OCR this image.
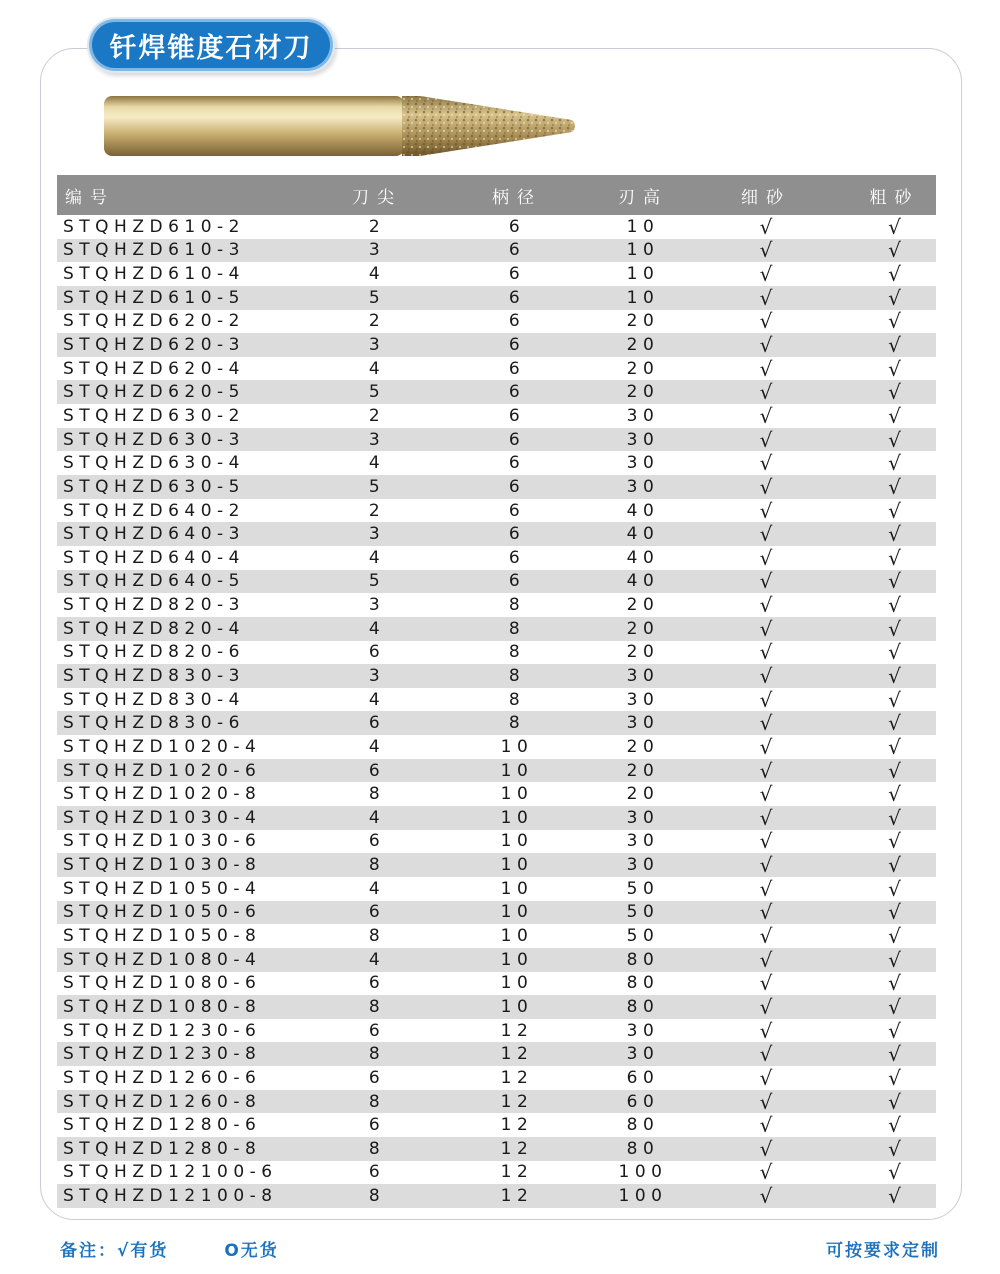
钎焊锥度石材刀
编号	刀尖	柄径	刃高	细砂	粗砂
STQHZD610-2	2	6	10	√	√
STQHZD610-3	3	6	10	√	√
STQHZD610-4	4	6	10	√	√
STQHZD610-5	5	6	10	√	√
STQHZD620-2	2	6	20	√	√
STQHZD620-3	3	6	20	√	√
STQHZD620-4	4	6	20	√	√
STQHZD620-5	5	6	20	√	√
STQHZD630-2	2	6	30	√	√
STQHZD630-3	3	6	30	√	√
STQHZD630-4	4	6	30	√	√
STQHZD630-5	5	6	30	√	√
STQHZD640-2	2	6	40	√	√
STQHZD640-3	3	6	40	√	√
STQHZD640-4	4	6	40	√	√
STQHZD640-5	5	6	40	√	√
STQHZD820-3	3	8	20	√	√
STQHZD820-4	4	8	20	√	√
STQHZD820-6	6	8	20	√	√
STQHZD830-3	3	8	30	√	√
STQHZD830-4	4	8	30	√	√
STQHZD830-6	6	8	30	√	√
STQHZD1020-4	4	10	20	√	√
STQHZD1020-6	6	10	20	√	√
STQHZD1020-8	8	10	20	√	√
STQHZD1030-4	4	10	30	√	√
STQHZD1030-6	6	10	30	√	√
STQHZD1030-8	8	10	30	√	√
STQHZD1050-4	4	10	50	√	√
STQHZD1050-6	6	10	50	√	√
STQHZD1050-8	8	10	50	√	√
STQHZD1080-4	4	10	80	√	√
STQHZD1080-6	6	10	80	√	√
STQHZD1080-8	8	10	80	√	√
STQHZD1230-6	6	12	30	√	√
STQHZD1230-8	8	12	30	√	√
STQHZD1260-6	6	12	60	√	√
STQHZD1260-8	8	12	60	√	√
STQHZD1280-6	6	12	80	√	√
STQHZD1280-8	8	12	80	√	√
STQHZD12100-6	6	12	100	√	√
STQHZD12100-8	8	12	100	√	√
备注：√有货	O无货	可按要求定制
